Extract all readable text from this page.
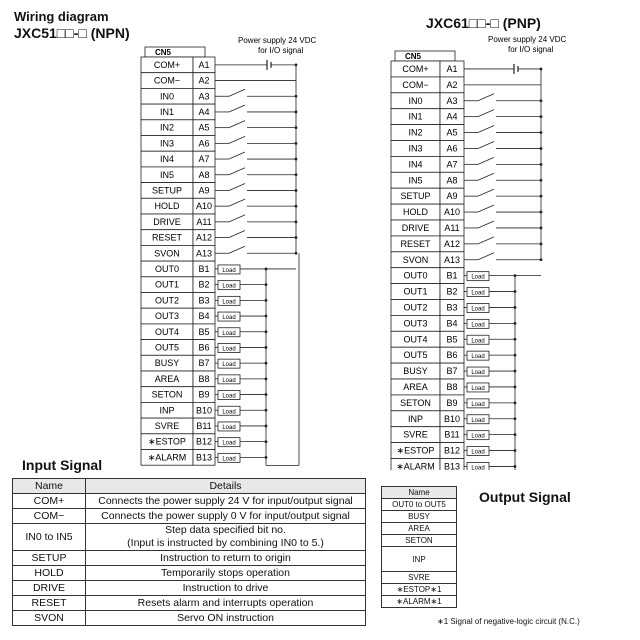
Wiring diagram
JXC51□□-□ (NPN)
JXC61□□-□ (PNP)
CN5
COM+ A1
COM− A2
IN0	A3
IN1	A4
IN2	A5
IN3	A6
IN4	A7
IN5	A8
SETUP A9
HOLD A10
DRIVE A11
RESET A12
SVON A13
OUT0 B1
OUT1 B2
OUT2 B3
OUT3 B4
OUT4 B5
OUT5 B6
BUSY B7
AREA B8
SETON B9
INP B10
SVRE B11
∗ESTOP B12
∗ALARM B13
Power supply 24 VDC
for I/O signal
Load
Load
Load
Load
Load
Load
Load
Load
Load
Load
Load
Load
Load
CN5
COM+ A1
COM− A2
IN0	A3
IN1	A4
IN2	A5
IN3	A6
IN4	A7
IN5	A8
SETUP A9
HOLD A10
DRIVE A11
RESET A12
SVON A13
OUT0 B1
OUT1 B2
OUT2 B3
OUT3 B4
OUT4 B5
OUT5 B6
BUSY B7
AREA B8
SETON B9
INP B10
SVRE B11
∗ESTOP B12
∗ALARM B13
Power supply 24 VDC
for I/O signal
Load
Load
Load
Load
Load
Load
Load
Load
Load
Load
Load
Load
Load
Input Signal
Name	Details
COM+	Connects the power supply 24 V for input/output signal
COM−	Connects the power supply 0 V for input/output signal
IN0 to IN5	Step data specified bit no.
(Input is instructed by combining IN0 to 5.)
SETUP	Instruction to return to origin
HOLD	Temporarily stops operation
DRIVE	Instruction to drive
RESET	Resets alarm and interrupts operation
SVON	Servo ON instruction
Output Signal
Name
OUT0 to OUT5
BUSY
AREA
SETON
INP
SVRE
∗ESTOP∗1
∗ALARM∗1
∗1 Signal of negative-logic circuit (N.C.)
